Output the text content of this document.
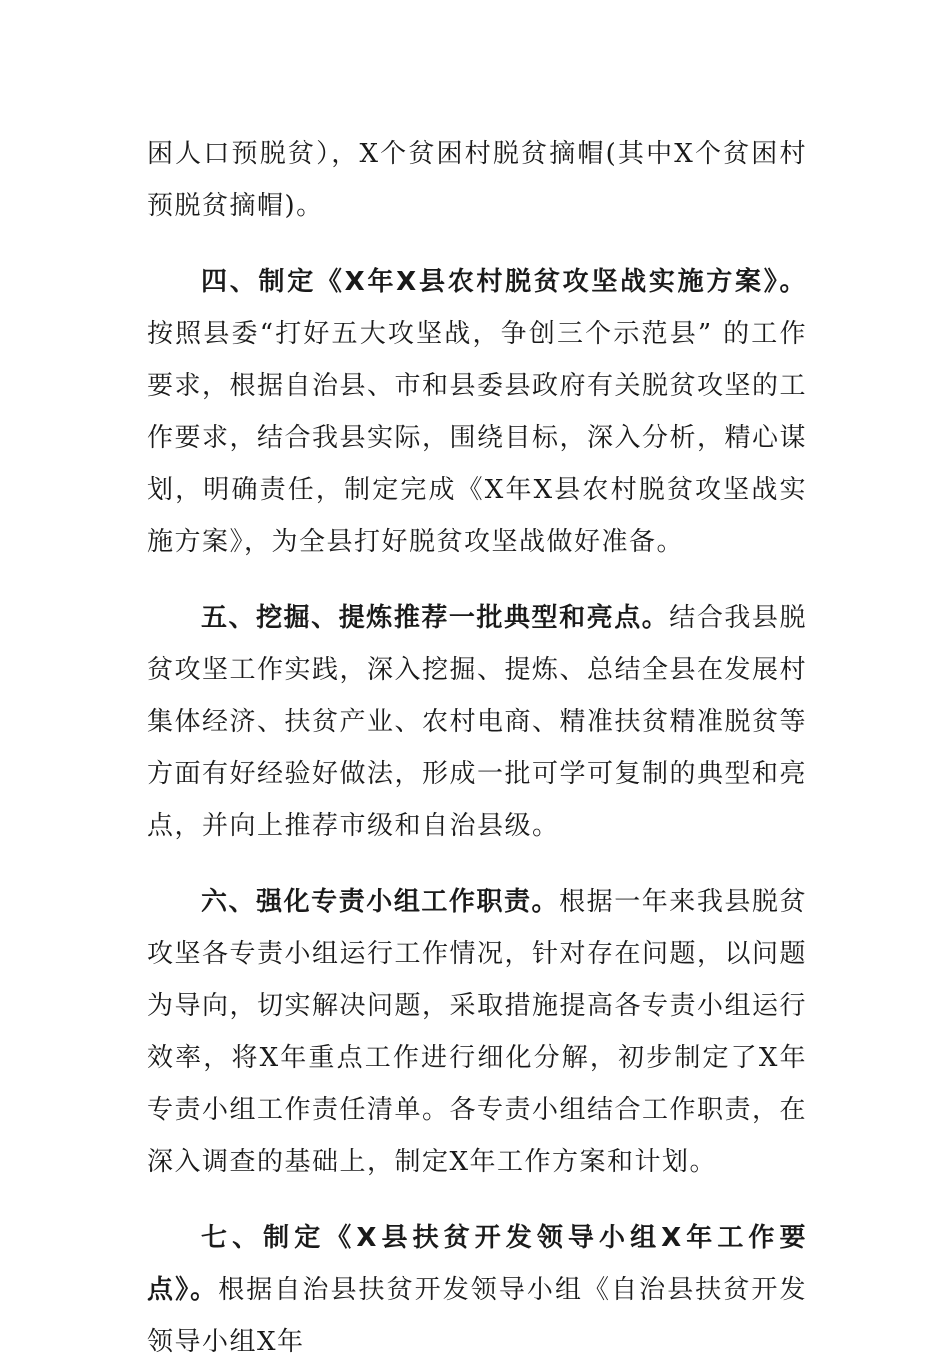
困人口预脱贫），X个贫困村脱贫摘帽(其中X个贫困村预脱贫摘帽)。

四、制定《X年X县农村脱贫攻坚战实施方案》。按照县委“打好五大攻坚战，争创三个示范县” 的工作要求，根据自治县、市和县委县政府有关脱贫攻坚的工作要求，结合我县实际，围绕目标，深入分析，精心谋划，明确责任，制定完成《X年X县农村脱贫攻坚战实施方案》，为全县打好脱贫攻坚战做好准备。

五、挖掘、提炼推荐一批典型和亮点。结合我县脱贫攻坚工作实践，深入挖掘、提炼、总结全县在发展村集体经济、扶贫产业、农村电商、精准扶贫精准脱贫等方面有好经验好做法，形成一批可学可复制的典型和亮点，并向上推荐市级和自治县级。

六、强化专责小组工作职责。根据一年来我县脱贫攻坚各专责小组运行工作情况，针对存在问题，以问题为导向，切实解决问题，采取措施提高各专责小组运行效率，将X年重点工作进行细化分解，初步制定了X年专责小组工作责任清单。各专责小组结合工作职责，在深入调查的基础上，制定X年工作方案和计划。

七、制定《X县扶贫开发领导小组X年工作要点》。根据自治县扶贫开发领导小组《自治县扶贫开发领导小组X年
